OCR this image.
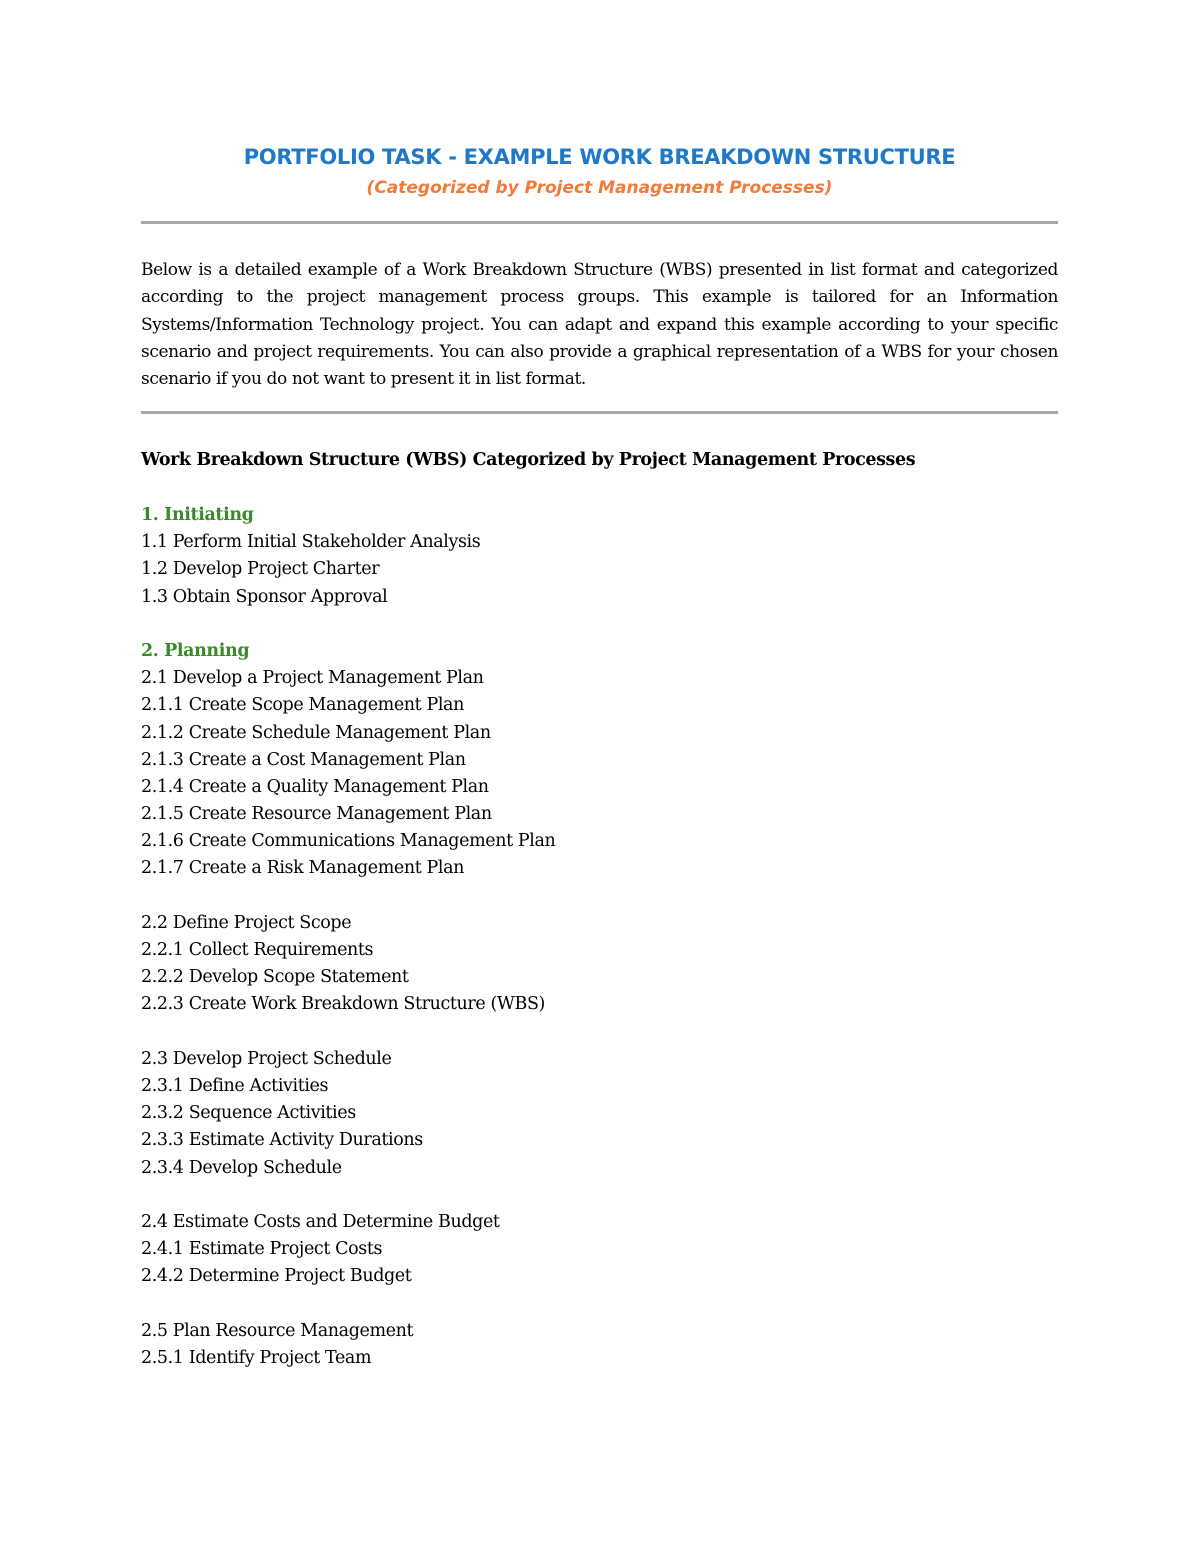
PORTFOLIO TASK - EXAMPLE WORK BREAKDOWN STRUCTURE
(Categorized by Project Management Processes)

Below is a detailed example of a Work Breakdown Structure (WBS) presented in list format and categorized according to the project management process groups. This example is tailored for an Information Systems/Information Technology project. You can adapt and expand this example according to your specific scenario and project requirements. You can also provide a graphical representation of a WBS for your chosen scenario if you do not want to present it in list format.

Work Breakdown Structure (WBS) Categorized by Project Management Processes
1. Initiating
1.1 Perform Initial Stakeholder Analysis
1.2 Develop Project Charter
1.3 Obtain Sponsor Approval
2. Planning
2.1 Develop a Project Management Plan
2.1.1 Create Scope Management Plan
2.1.2 Create Schedule Management Plan
2.1.3 Create a Cost Management Plan
2.1.4 Create a Quality Management Plan
2.1.5 Create Resource Management Plan
2.1.6 Create Communications Management Plan
2.1.7 Create a Risk Management Plan
2.2 Define Project Scope
2.2.1 Collect Requirements
2.2.2 Develop Scope Statement
2.2.3 Create Work Breakdown Structure (WBS)
2.3 Develop Project Schedule
2.3.1 Define Activities
2.3.2 Sequence Activities
2.3.3 Estimate Activity Durations
2.3.4 Develop Schedule
2.4 Estimate Costs and Determine Budget
2.4.1 Estimate Project Costs
2.4.2 Determine Project Budget
2.5 Plan Resource Management
2.5.1 Identify Project Team
